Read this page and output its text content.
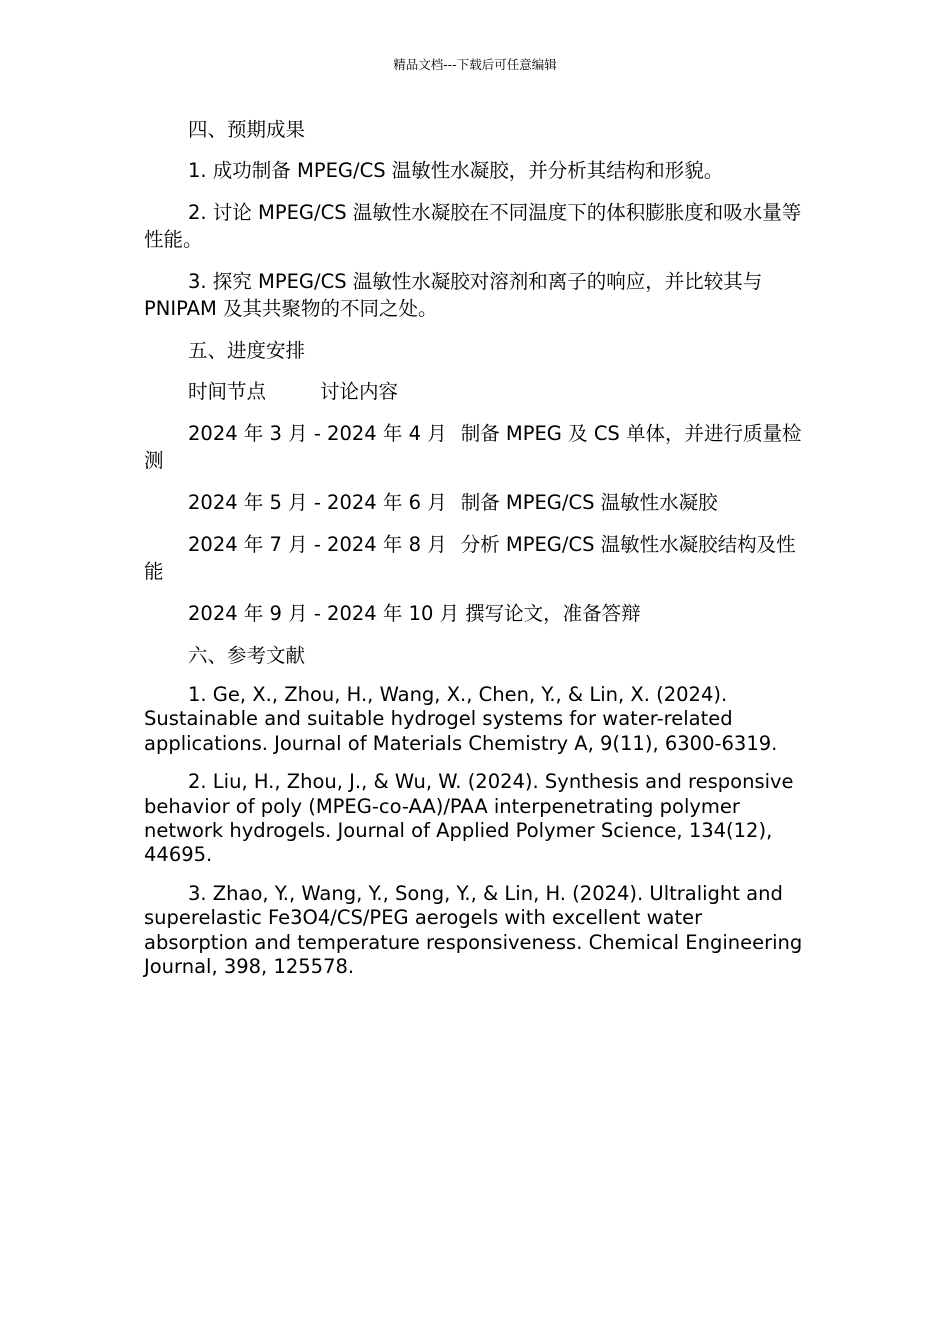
精品文档---下载后可任意编辑

四、预期成果

1. 成功制备 MPEG/CS 温敏性水凝胶，并分析其结构和形貌。

2. 讨论 MPEG/CS 温敏性水凝胶在不同温度下的体积膨胀度和吸水量等性能。

3. 探究 MPEG/CS 温敏性水凝胶对溶剂和离子的响应，并比较其与 PNIPAM 及其共聚物的不同之处。

五、进度安排

时间节点	讨论内容

2024 年 3 月 - 2024 年 4 月 制备 MPEG 及 CS 单体，并进行质量检测

2024 年 5 月 - 2024 年 6 月 制备 MPEG/CS 温敏性水凝胶

2024 年 7 月 - 2024 年 8 月 分析 MPEG/CS 温敏性水凝胶结构及性能

2024 年 9 月 - 2024 年 10 月 撰写论文，准备答辩

六、参考文献

1. Ge, X., Zhou, H., Wang, X., Chen, Y., & Lin, X. (2024). Sustainable and suitable hydrogel systems for water-related applications. Journal of Materials Chemistry A, 9(11), 6300-6319.

2. Liu, H., Zhou, J., & Wu, W. (2024). Synthesis and responsive behavior of poly (MPEG-co-AA)/PAA interpenetrating polymer network hydrogels. Journal of Applied Polymer Science, 134(12), 44695.

3. Zhao, Y., Wang, Y., Song, Y., & Lin, H. (2024). Ultralight and superelastic Fe3O4/CS/PEG aerogels with excellent water absorption and temperature responsiveness. Chemical Engineering Journal, 398, 125578.
